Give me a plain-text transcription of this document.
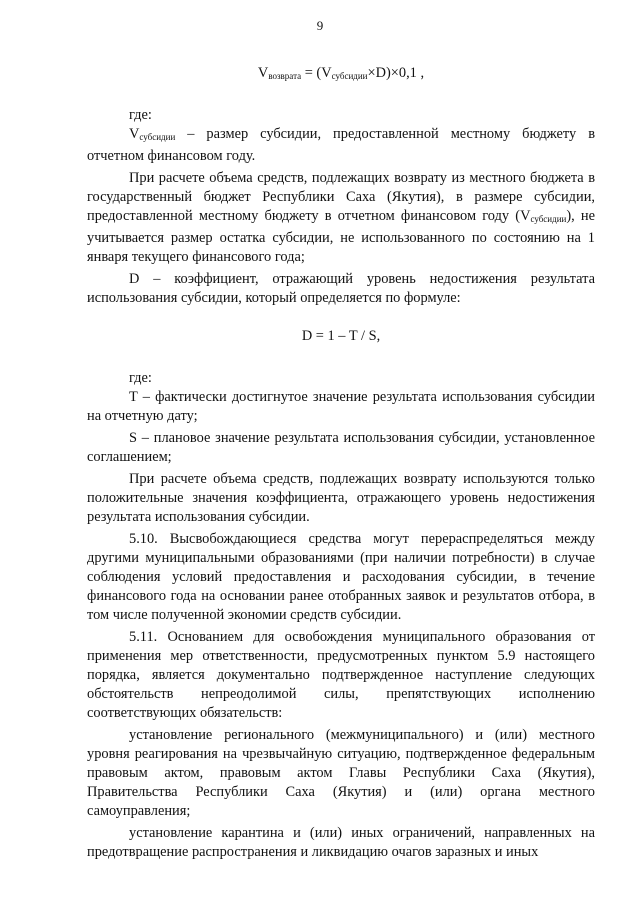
9

$V_{возврата} = (V_{субсидии}\times D)\times 0,1$ ,

где:

$V_{субсидии}$ – размер субсидии, предоставленной местному бюджету в отчетном финансовом году.

При расчете объема средств, подлежащих возврату из местного бюджета в государственный бюджет Республики Саха (Якутия), в размере субсидии, предоставленной местному бюджету в отчетном финансовом году $(V_{субсидии})$, не учитывается размер остатка субсидии, не использованного по состоянию на 1 января текущего финансового года;

D – коэффициент, отражающий уровень недостижения результата использования субсидии, который определяется по формуле:

D = 1 – T / S,

где:

T – фактически достигнутое значение результата использования субсидии на отчетную дату;

S – плановое значение результата использования субсидии, установленное соглашением;

При расчете объема средств, подлежащих возврату используются только положительные значения коэффициента, отражающего уровень недостижения результата использования субсидии.

5.10. Высвобождающиеся средства могут перераспределяться между другими муниципальными образованиями (при наличии потребности) в случае соблюдения условий предоставления и расходования субсидии, в течение финансового года на основании ранее отобранных заявок и результатов отбора, в том числе полученной экономии средств субсидии.

5.11. Основанием для освобождения муниципального образования от применения мер ответственности, предусмотренных пунктом 5.9 настоящего порядка, является документально подтвержденное наступление следующих обстоятельств непреодолимой силы, препятствующих исполнению соответствующих обязательств:

установление регионального (межмуниципального) и (или) местного уровня реагирования на чрезвычайную ситуацию, подтвержденное федеральным правовым актом, правовым актом Главы Республики Саха (Якутия), Правительства Республики Саха (Якутия) и (или) органа местного самоуправления;

установление карантина и (или) иных ограничений, направленных на предотвращение распространения и ликвидацию очагов заразных и иных
